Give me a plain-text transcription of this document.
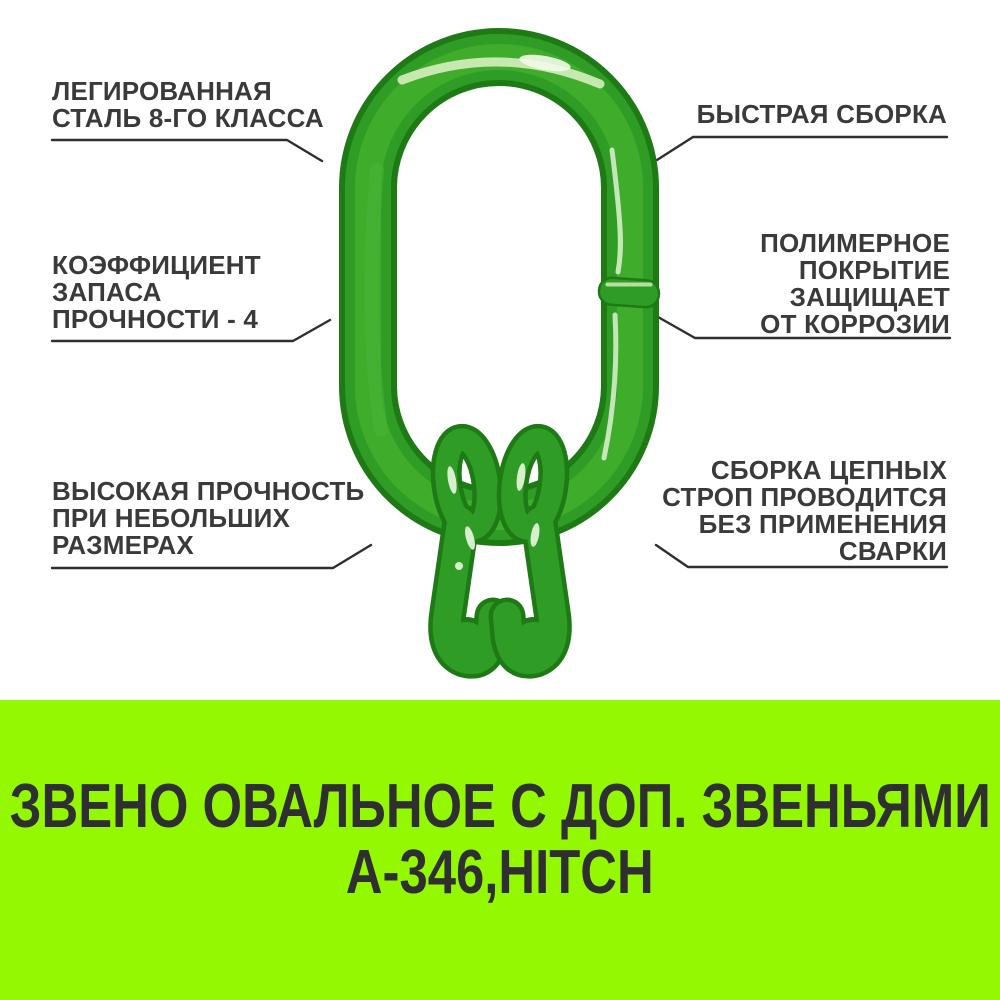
ЛЕГИРОВАННАЯ
СТАЛЬ 8-ГО КЛАССА
КОЭФФИЦИЕНТ
ЗАПАСА
ПРОЧНОСТИ - 4
ВЫСОКАЯ ПРОЧНОСТЬ
ПРИ НЕБОЛЬШИХ
РАЗМЕРАХ
БЫСТРАЯ СБОРКА
ПОЛИМЕРНОЕ
ПОКРЫТИЕ
ЗАЩИЩАЕТ
ОТ КОРРОЗИИ
СБОРКА ЦЕПНЫХ
СТРОП ПРОВОДИТСЯ
БЕЗ ПРИМЕНЕНИЯ
СВАРКИ
ЗВЕНО ОВАЛЬНОЕ С ДОП. ЗВЕНЬЯМИ
А-346,HITCH
